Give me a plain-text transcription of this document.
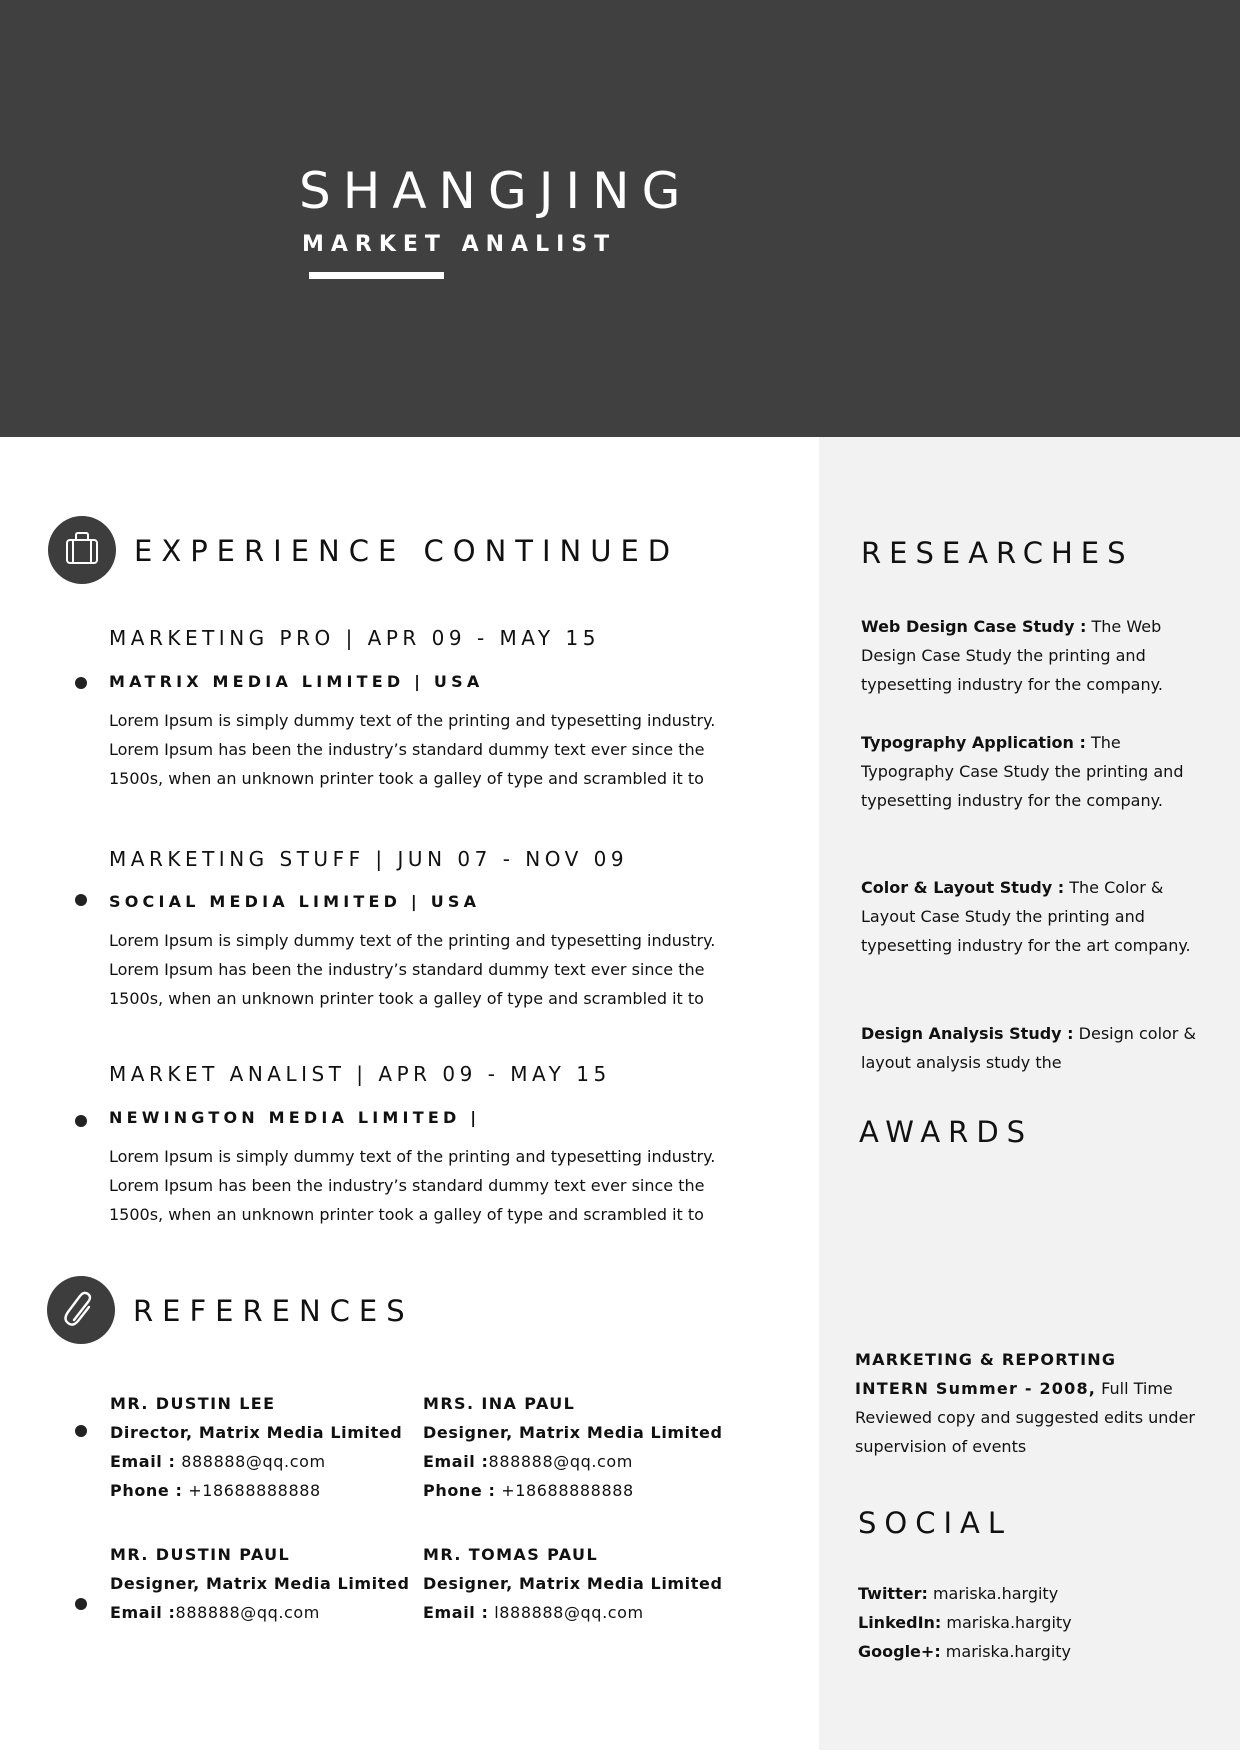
SHANGJING
MARKET ANALIST
EXPERIENCE CONTINUED
MARKETING PRO | APR 09 - MAY 15
MATRIX MEDIA LIMITED | USA
Lorem Ipsum is simply dummy text of the printing and typesetting industry.
Lorem Ipsum has been the industry’s standard dummy text ever since the
1500s, when an unknown printer took a galley of type and scrambled it to
MARKETING STUFF | JUN 07 - NOV 09
SOCIAL MEDIA LIMITED | USA
Lorem Ipsum is simply dummy text of the printing and typesetting industry.
Lorem Ipsum has been the industry’s standard dummy text ever since the
1500s, when an unknown printer took a galley of type and scrambled it to
MARKET ANALIST | APR 09 - MAY 15
NEWINGTON MEDIA LIMITED |
Lorem Ipsum is simply dummy text of the printing and typesetting industry.
Lorem Ipsum has been the industry’s standard dummy text ever since the
1500s, when an unknown printer took a galley of type and scrambled it to
REFERENCES
MR. DUSTIN LEE
Director, Matrix Media Limited
Email : 888888@qq.com
Phone : +18688888888
MRS. INA PAUL
Designer, Matrix Media Limited
Email :888888@qq.com
Phone : +18688888888
MR. DUSTIN PAUL
Designer, Matrix Media Limited
Email :888888@qq.com
MR. TOMAS PAUL
Designer, Matrix Media Limited
Email : l888888@qq.com
RESEARCHES
Web Design Case Study : The Web Design Case Study the printing and typesetting industry for the company.
Typography Application : The Typography Case Study the printing and typesetting industry for the company.
Color & Layout Study : The Color & Layout Case Study the printing and typesetting industry for the art company.
Design Analysis Study : Design color & layout analysis study the
AWARDS
MARKETING & REPORTING INTERN Summer - 2008, Full Time
Reviewed copy and suggested edits under supervision of events
SOCIAL
Twitter: mariska.hargity
LinkedIn: mariska.hargity
Google+: mariska.hargity
